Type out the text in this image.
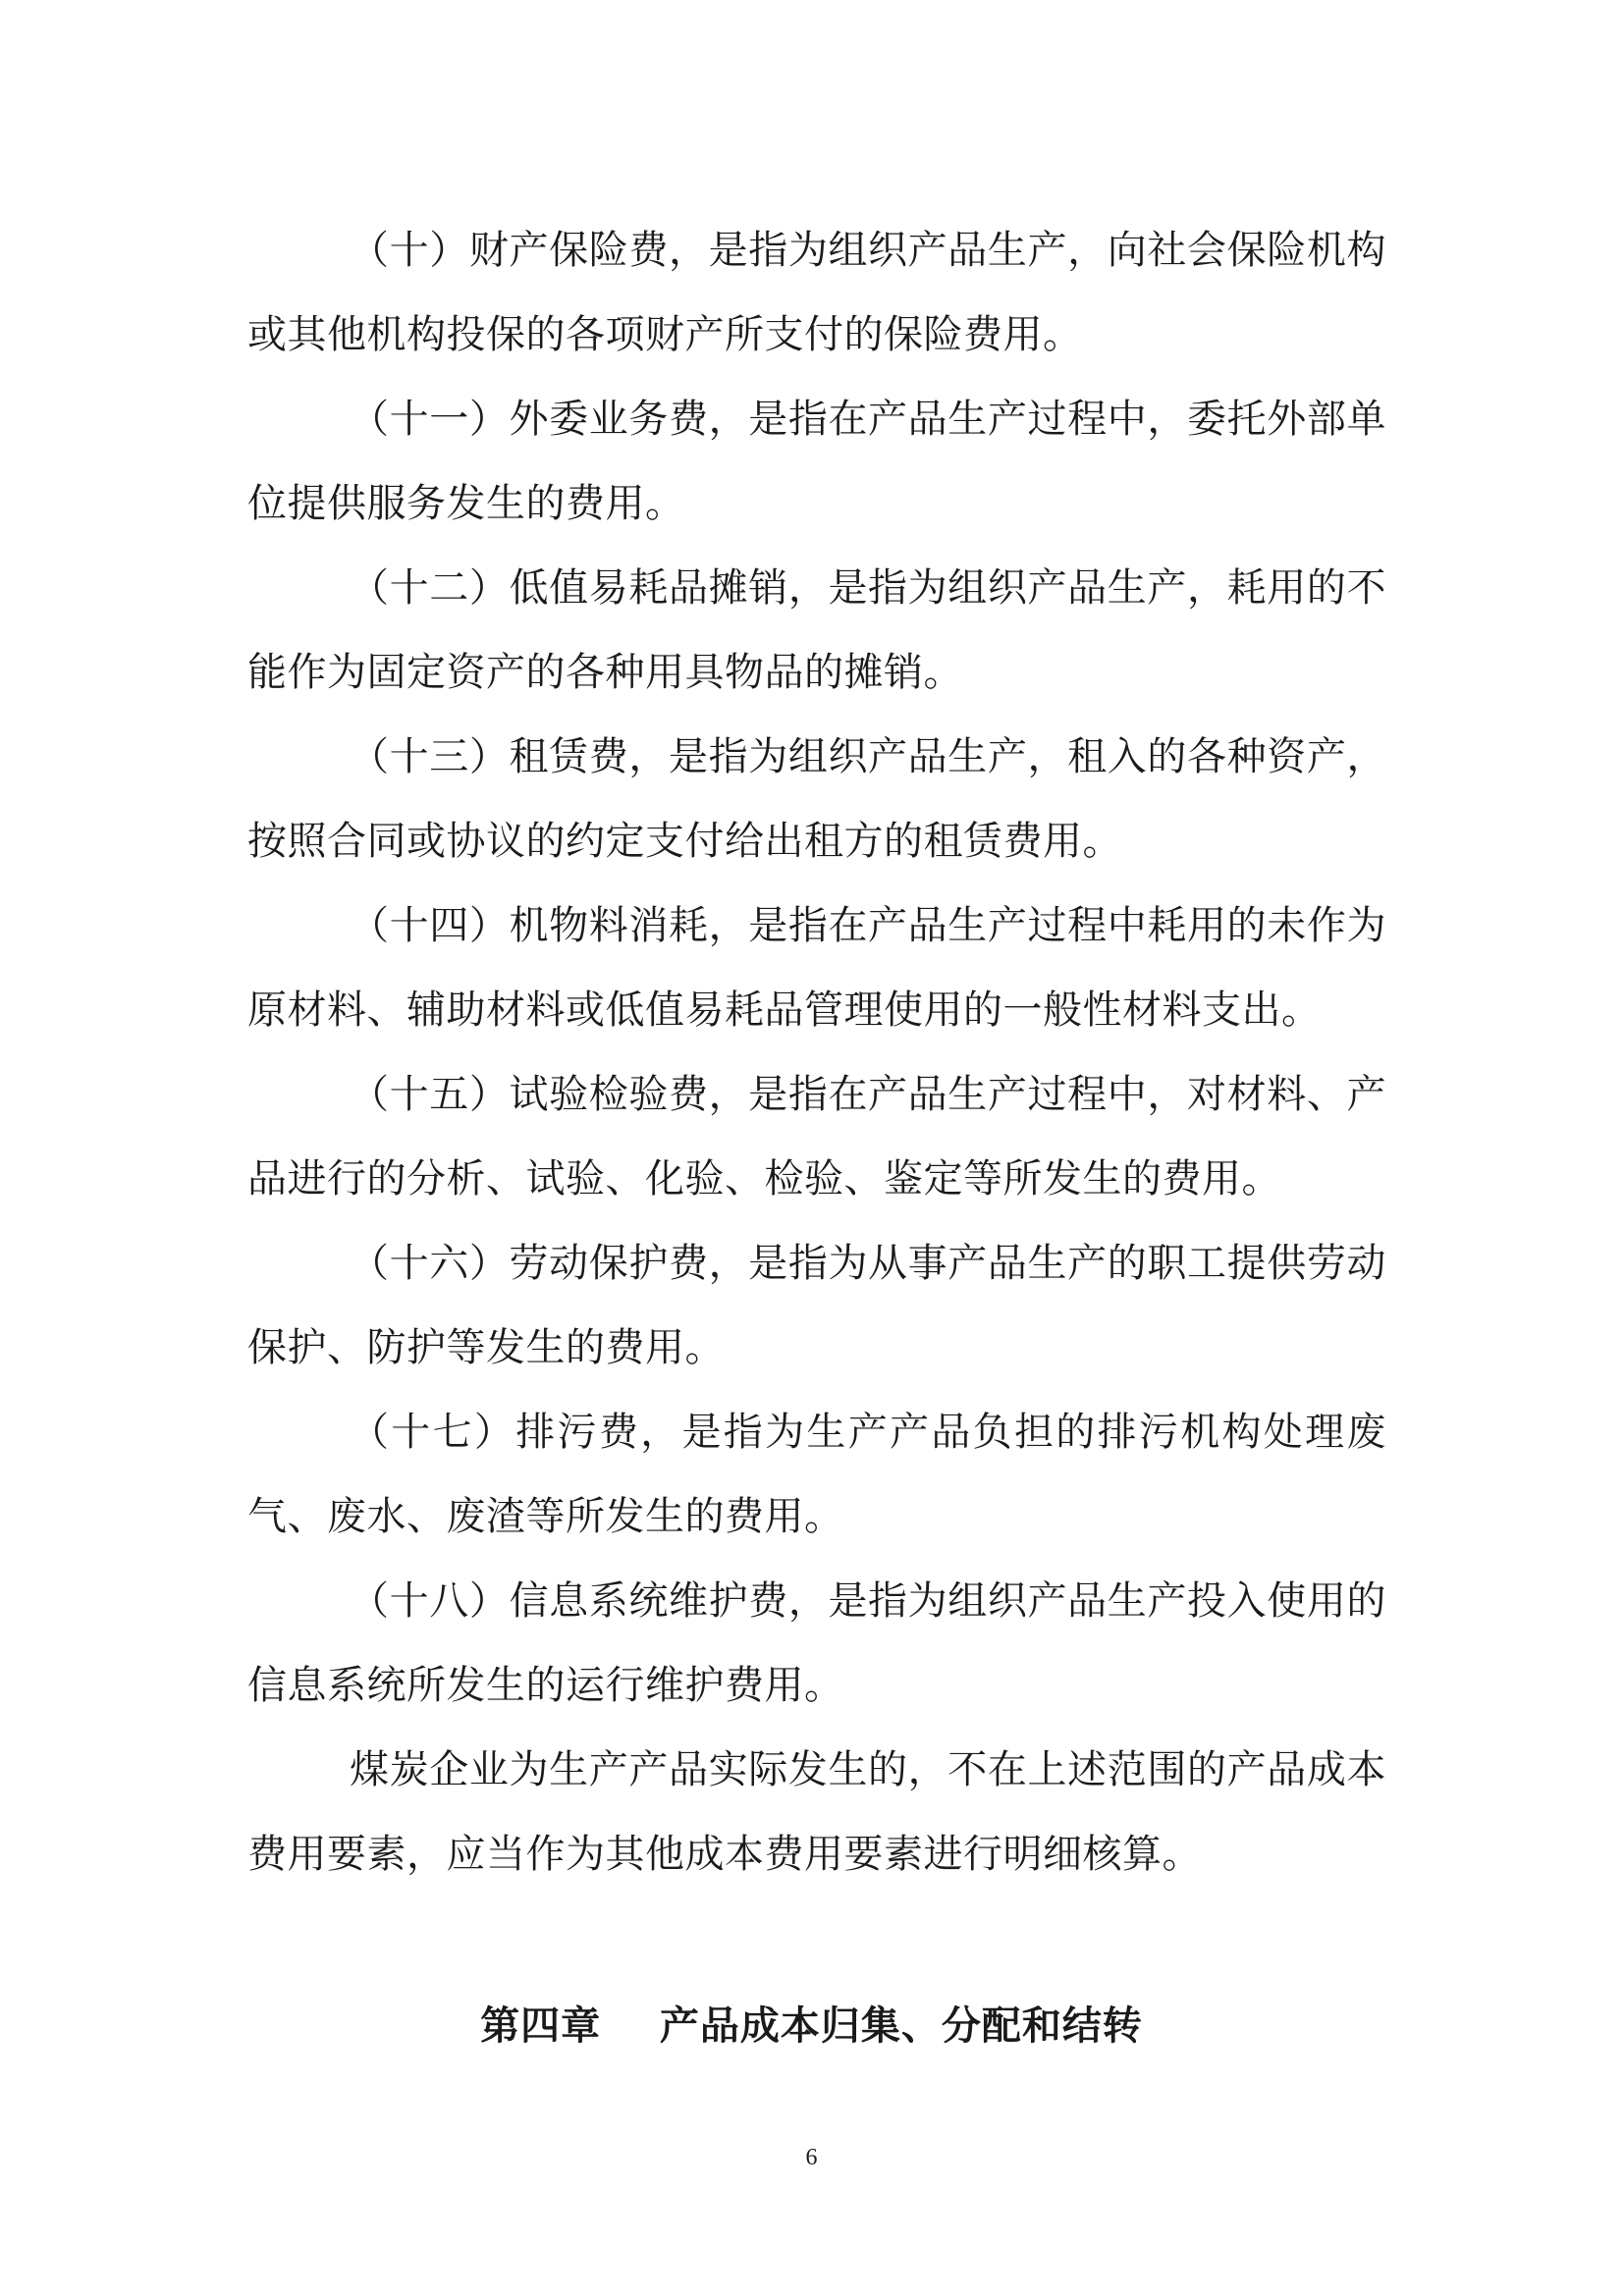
（十）财产保险费，是指为组织产品生产，向社会保险机构或其他机构投保的各项财产所支付的保险费用。

（十一）外委业务费，是指在产品生产过程中，委托外部单位提供服务发生的费用。

（十二）低值易耗品摊销，是指为组织产品生产，耗用的不能作为固定资产的各种用具物品的摊销。

（十三）租赁费，是指为组织产品生产，租入的各种资产，按照合同或协议的约定支付给出租方的租赁费用。

（十四）机物料消耗，是指在产品生产过程中耗用的未作为原材料、辅助材料或低值易耗品管理使用的一般性材料支出。

（十五）试验检验费，是指在产品生产过程中，对材料、产品进行的分析、试验、化验、检验、鉴定等所发生的费用。

（十六）劳动保护费，是指为从事产品生产的职工提供劳动保护、防护等发生的费用。

（十七）排污费，是指为生产产品负担的排污机构处理废气、废水、废渣等所发生的费用。

（十八）信息系统维护费，是指为组织产品生产投入使用的信息系统所发生的运行维护费用。

煤炭企业为生产产品实际发生的，不在上述范围的产品成本费用要素，应当作为其他成本费用要素进行明细核算。

第四章    产品成本归集、分配和结转

6
